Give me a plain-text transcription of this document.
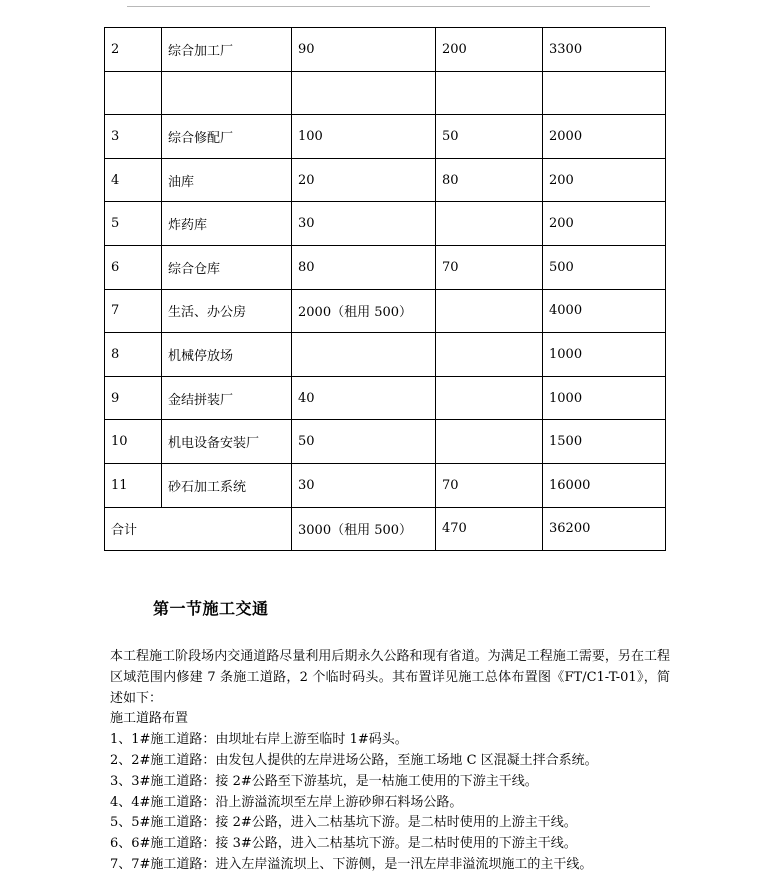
2	综合加工厂	90	200	3300

3	综合修配厂	100	50	2000
4	油库	20	80	200
5	炸药库	30		200
6	综合仓库	80	70	500
7	生活、办公房	2000（租用 500）		4000
8	机械停放场			1000
9	金结拼装厂	40		1000
10	机电设备安装厂	50		1500
11	砂石加工系统	30	70	16000
合计		3000（租用 500）	470	36200
第一节施工交通
本工程施工阶段场内交通道路尽量利用后期永久公路和现有省道。为满足工程施工需要，另在工程区域范围内修建 7 条施工道路，2 个临时码头。其布置详见施工总体布置图《FT/C1-T-01》，简述如下：
施工道路布置
1、1#施工道路：由坝址右岸上游至临时 1#码头。
2、2#施工道路：由发包人提供的左岸进场公路，至施工场地 C 区混凝土拌合系统。
3、3#施工道路：接 2#公路至下游基坑，是一枯施工使用的下游主干线。
4、4#施工道路：沿上游溢流坝至左岸上游砂卵石料场公路。
5、5#施工道路：接 2#公路，进入二枯基坑下游。是二枯时使用的上游主干线。
6、6#施工道路：接 3#公路，进入二枯基坑下游。是二枯时使用的下游主干线。
7、7#施工道路：进入左岸溢流坝上、下游侧，是一汛左岸非溢流坝施工的主干线。
